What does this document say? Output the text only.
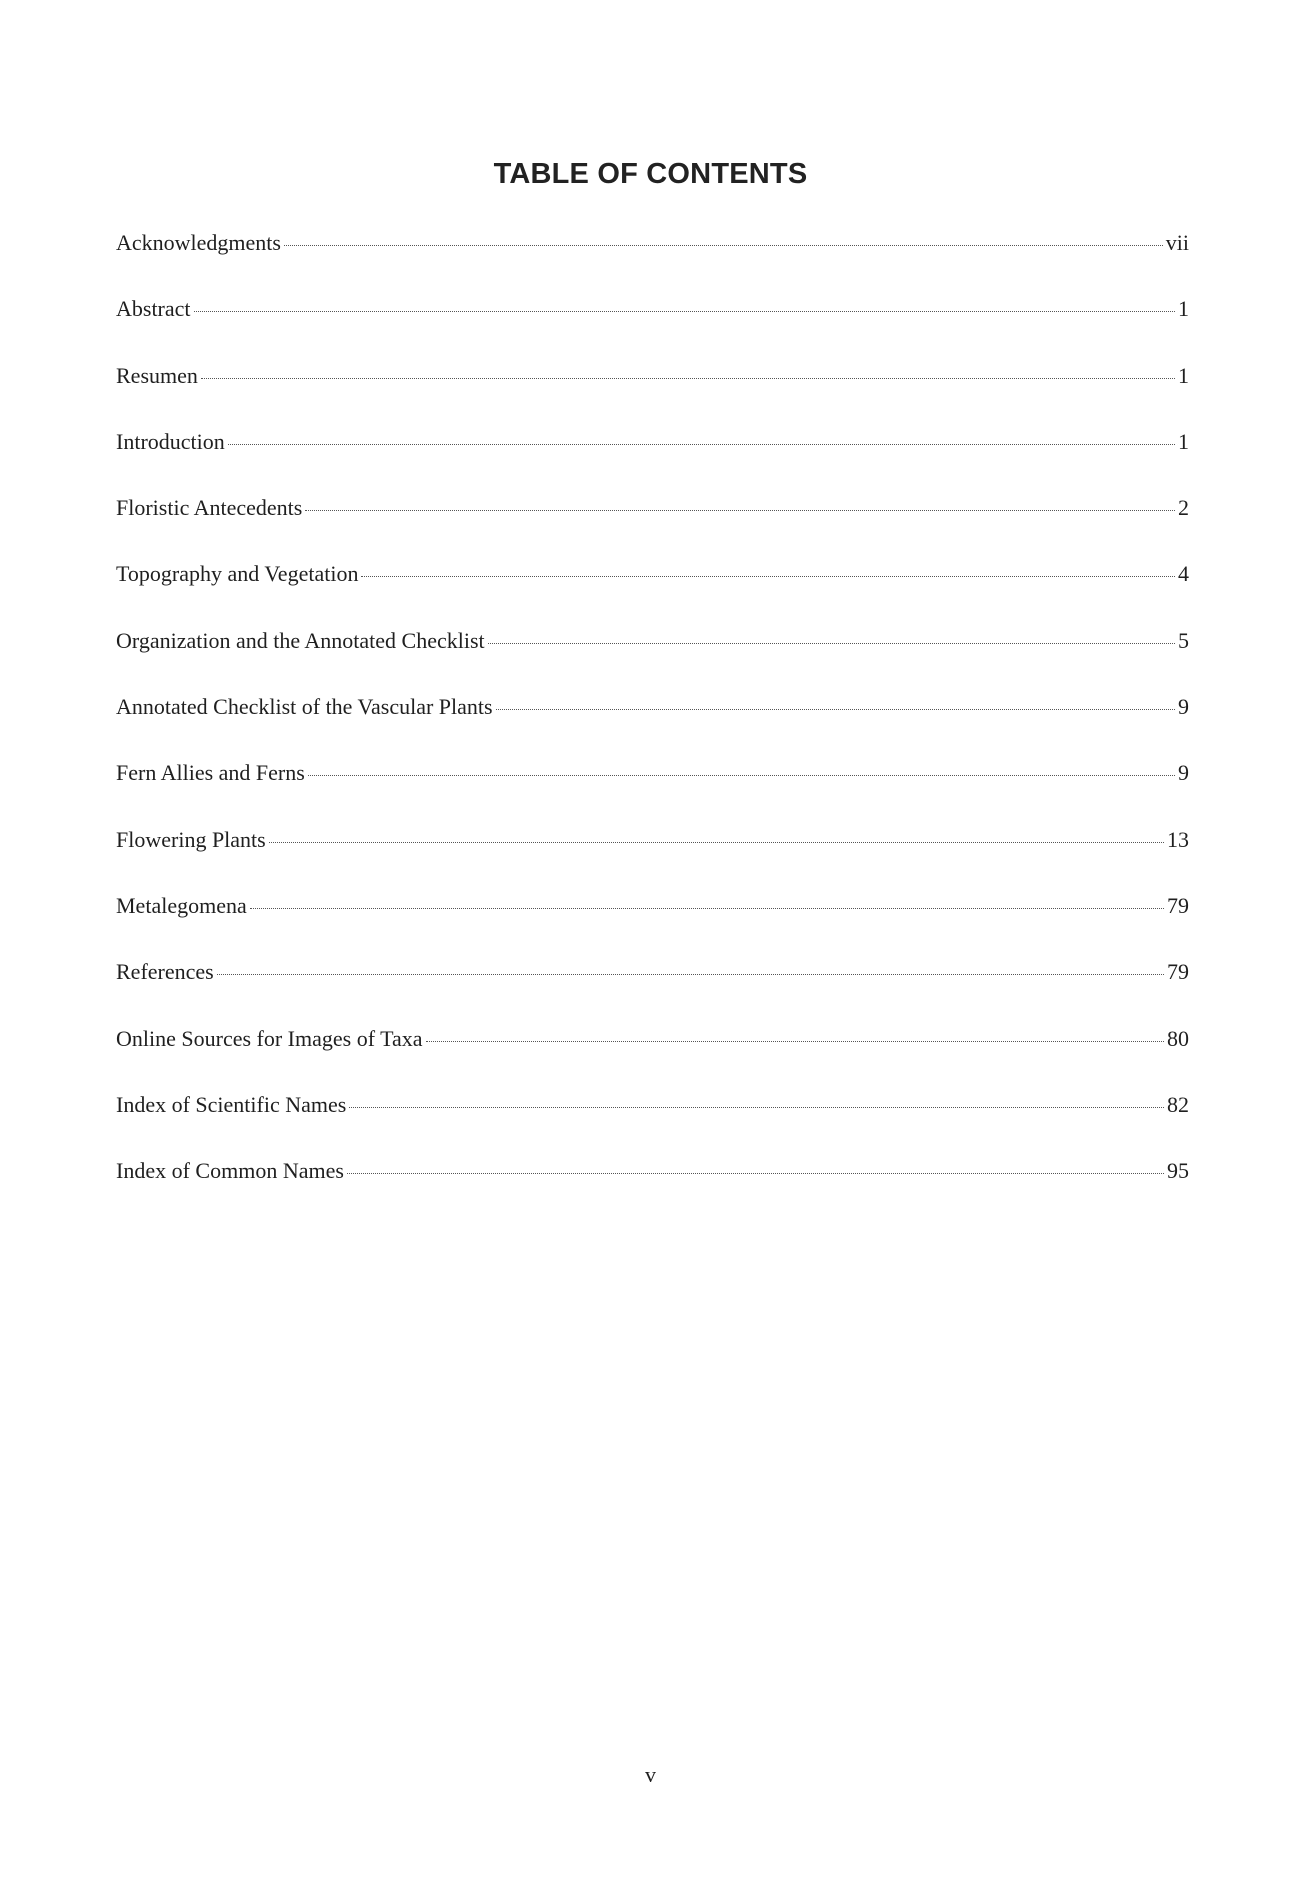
TABLE OF CONTENTS
Acknowledgments	vii
Abstract	1
Resumen	1
Introduction	1
Floristic Antecedents	2
Topography and Vegetation	4
Organization and the Annotated Checklist	5
Annotated Checklist of the Vascular Plants	9
Fern Allies and Ferns	9
Flowering Plants	13
Metalegomena	79
References	79
Online Sources for Images of Taxa	80
Index of Scientific Names	82
Index of Common Names	95
v
